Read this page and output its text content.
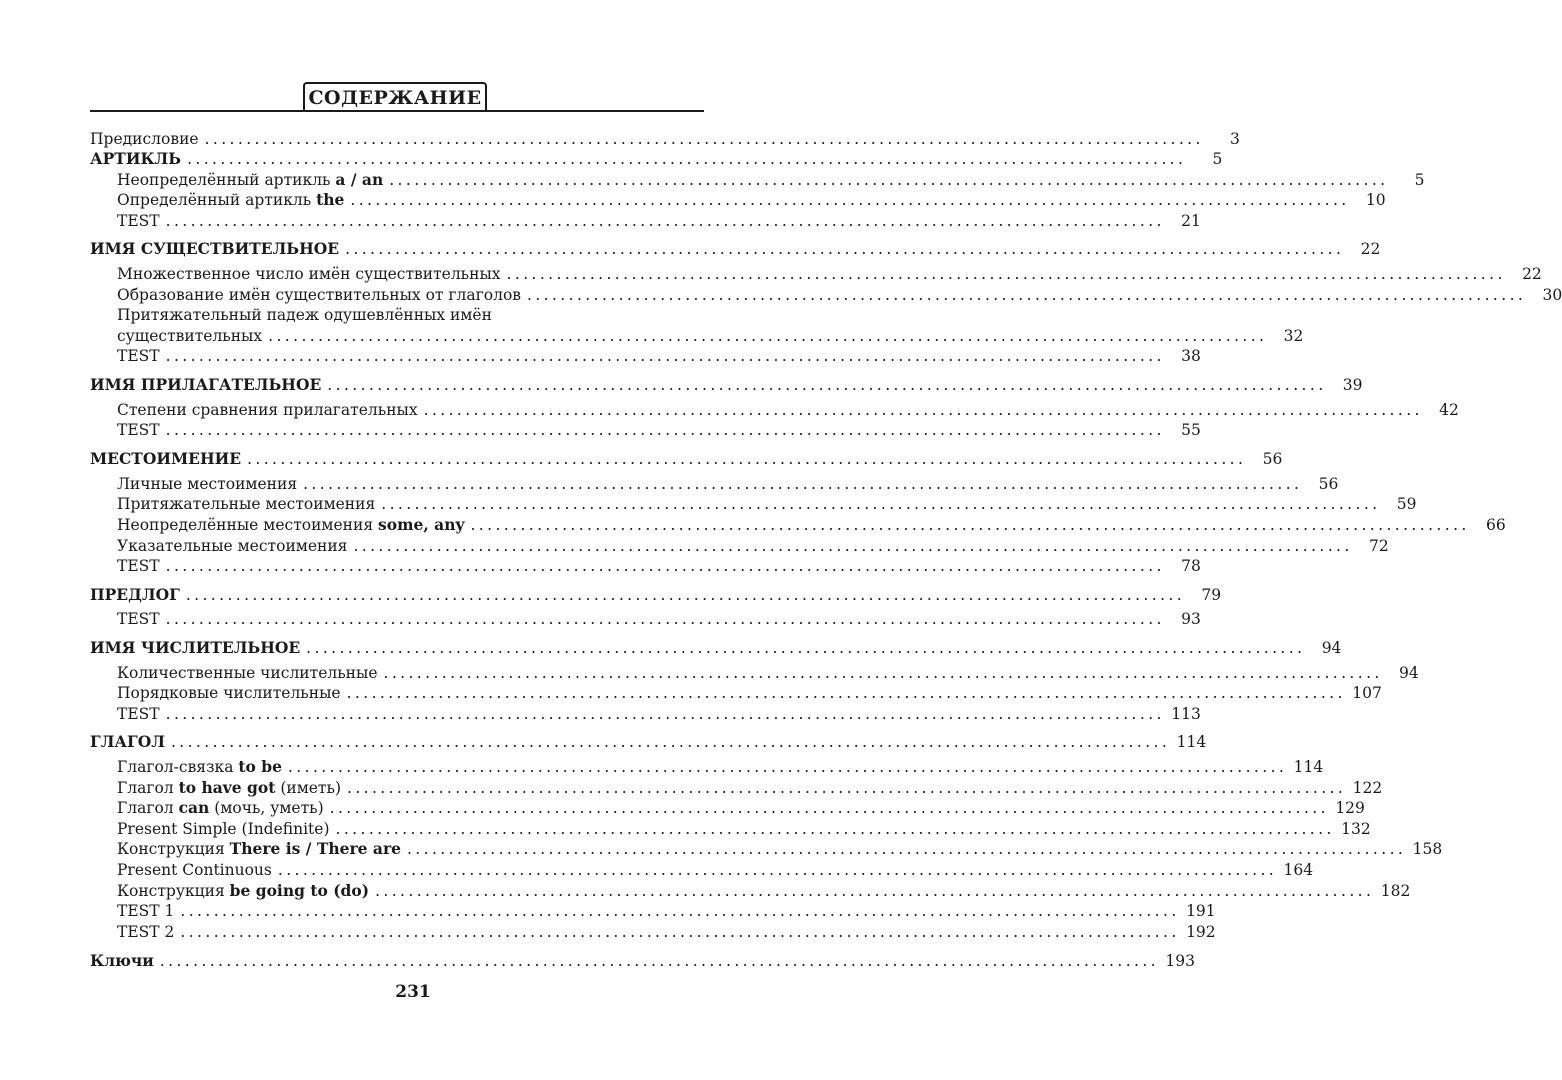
СОДЕРЖАНИЕ
Предисловие ........................................................................................................................	3
АРТИКЛЬ ........................................................................................................................	5
Неопределённый артикль a / an ........................................................................................................................	5
Определённый артикль the ........................................................................................................................	10
TEST ........................................................................................................................	21
ИМЯ СУЩЕСТВИТЕЛЬНОЕ ........................................................................................................................	22
Множественное число имён существительных ........................................................................................................................	22
Образование имён существительных от глаголов ........................................................................................................................	30
Притяжательный падеж одушевлённых имён
существительных ........................................................................................................................	32
TEST ........................................................................................................................	38
ИМЯ ПРИЛАГАТЕЛЬНОЕ ........................................................................................................................	39
Степени сравнения прилагательных ........................................................................................................................	42
TEST ........................................................................................................................	55
МЕСТОИМЕНИЕ ........................................................................................................................	56
Личные местоимения ........................................................................................................................	56
Притяжательные местоимения ........................................................................................................................	59
Неопределённые местоимения some, any ........................................................................................................................	66
Указательные местоимения ........................................................................................................................	72
TEST ........................................................................................................................	78
ПРЕДЛОГ ........................................................................................................................	79
TEST ........................................................................................................................	93
ИМЯ ЧИСЛИТЕЛЬНОЕ ........................................................................................................................	94
Количественные числительные ........................................................................................................................	94
Порядковые числительные ........................................................................................................................ 107
TEST ........................................................................................................................ 113
ГЛАГОЛ ........................................................................................................................ 114
Глагол-связка to be ........................................................................................................................ 114
Глагол to have got (иметь) ........................................................................................................................ 122
Глагол can (мочь, уметь) ........................................................................................................................ 129
Present Simple (Indefinite) ........................................................................................................................ 132
Конструкция There is / There are ........................................................................................................................ 158
Present Continuous ........................................................................................................................ 164
Конструкция be going to (do) ........................................................................................................................ 182
TEST 1 ........................................................................................................................ 191
TEST 2 ........................................................................................................................ 192
Ключи ........................................................................................................................ 193
231
